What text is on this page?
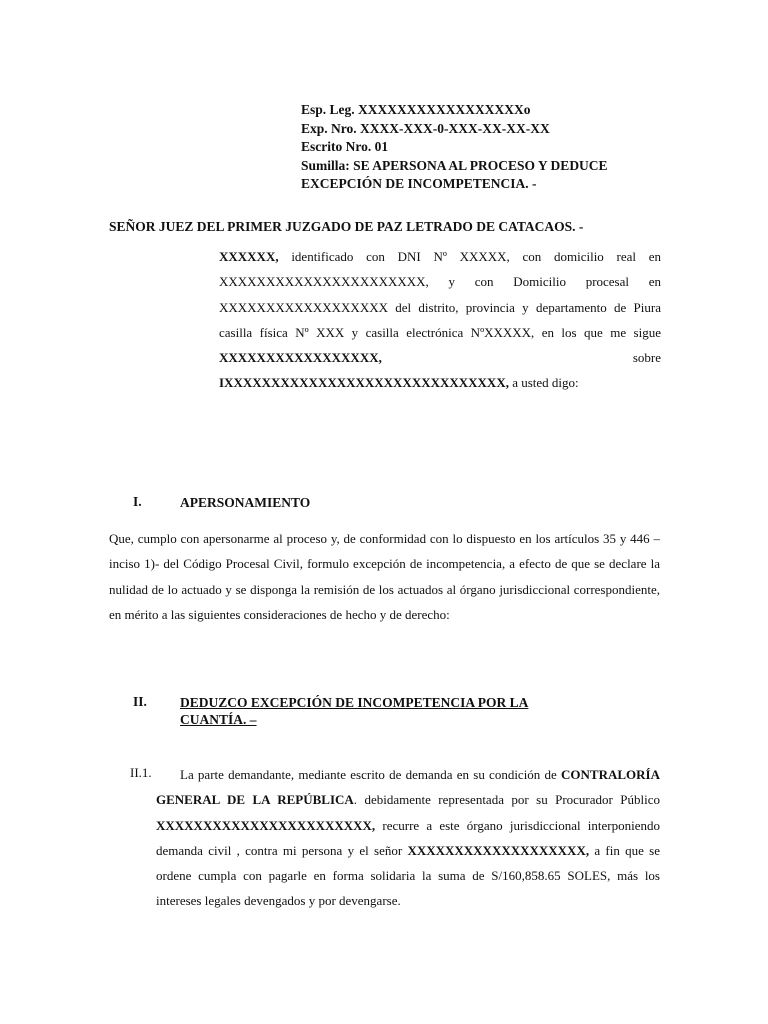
Esp. Leg. XXXXXXXXXXXXXXXXXo
Exp. Nro. XXXX-XXX-0-XXX-XX-XX-XX
Escrito Nro. 01
Sumilla: SE APERSONA AL PROCESO Y DEDUCE
EXCEPCIÓN DE INCOMPETENCIA. -
SEÑOR JUEZ DEL PRIMER JUZGADO DE PAZ LETRADO DE CATACAOS. -

XXXXXX, identificado con DNI Nº XXXXX, con domicilio real en XXXXXXXXXXXXXXXXXXXXXX, y con Domicilio procesal en XXXXXXXXXXXXXXXXXX del distrito, provincia y departamento de Piura casilla física Nº XXX y casilla electrónica NºXXXXX, en los que me sigue XXXXXXXXXXXXXXXXX, sobre IXXXXXXXXXXXXXXXXXXXXXXXXXXXXXX, a usted digo:

I.	APERSONAMIENTO

Que, cumplo con apersonarme al proceso y, de conformidad con lo dispuesto en los artículos 35 y 446 – inciso 1)- del Código Procesal Civil, formulo excepción de incompetencia, a efecto de que se declare la nulidad de lo actuado y se disponga la remisión de los actuados al órgano jurisdiccional correspondiente, en mérito a las siguientes consideraciones de hecho y de derecho:

II. DEDUZCO EXCEPCIÓN DE INCOMPETENCIA POR LA
CUANTÍA. –
II.1.	La parte demandante, mediante escrito de demanda en su condición de CONTRALORÍA GENERAL DE LA REPÚBLICA. debidamente representada por su Procurador Público XXXXXXXXXXXXXXXXXXXXXXX, recurre a este órgano jurisdiccional interponiendo demanda civil , contra mi persona y el señor XXXXXXXXXXXXXXXXXXX, a fin que se ordene cumpla con pagarle en forma solidaria la suma de S/160,858.65 SOLES, más los intereses legales devengados y por devengarse.
